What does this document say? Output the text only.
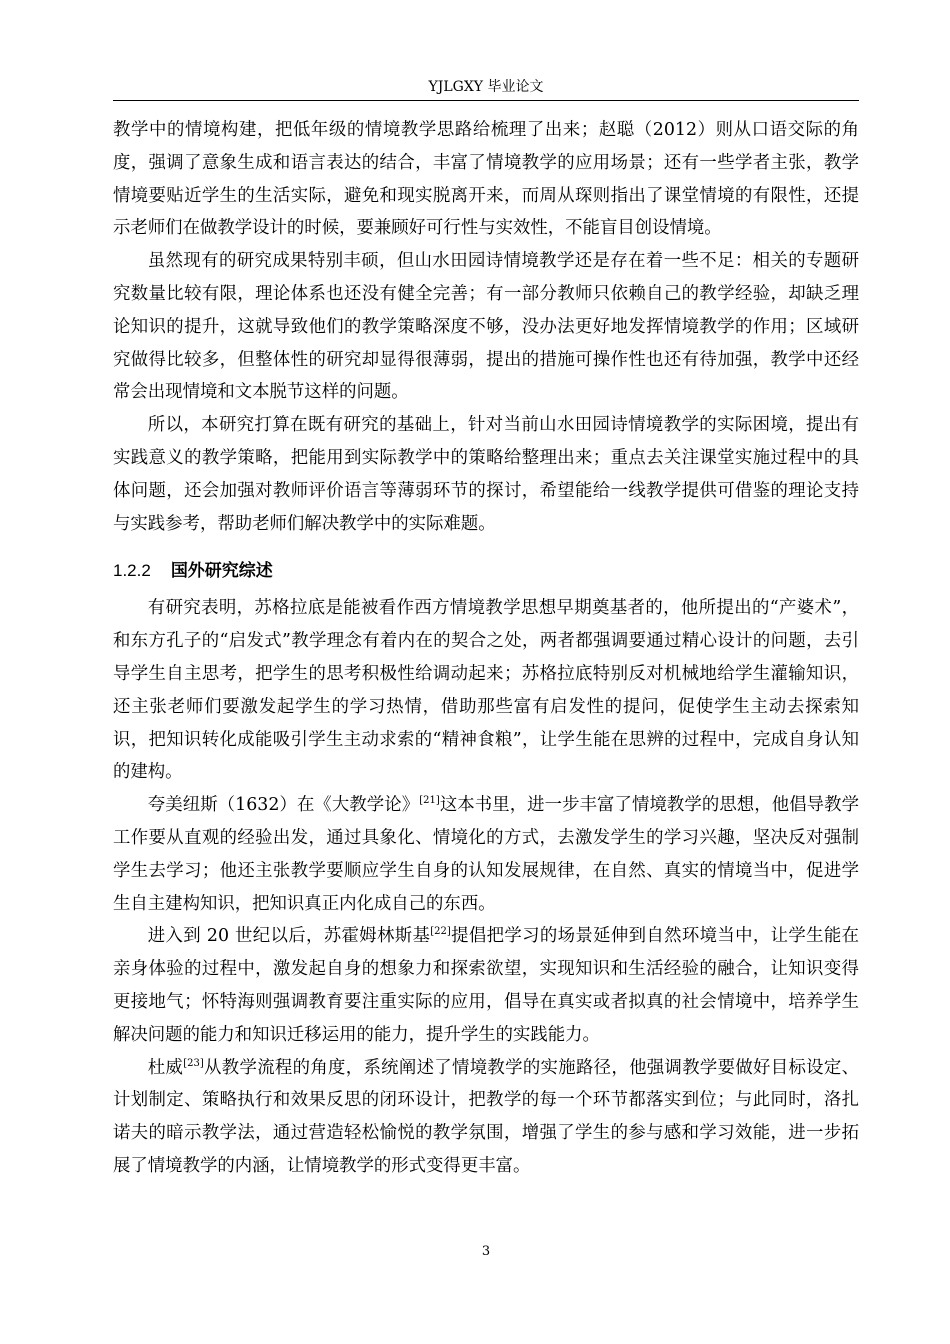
YJLGXY 毕业论文

教学中的情境构建，把低年级的情境教学思路给梳理了出来；赵聪（2012）则从口语交际的角度，强调了意象生成和语言表达的结合，丰富了情境教学的应用场景；还有一些学者主张，教学情境要贴近学生的生活实际，避免和现实脱离开来，而周从琛则指出了课堂情境的有限性，还提示老师们在做教学设计的时候，要兼顾好可行性与实效性，不能盲目创设情境。

虽然现有的研究成果特别丰硕，但山水田园诗情境教学还是存在着一些不足：相关的专题研究数量比较有限，理论体系也还没有健全完善；有一部分教师只依赖自己的教学经验，却缺乏理论知识的提升，这就导致他们的教学策略深度不够，没办法更好地发挥情境教学的作用；区域研究做得比较多，但整体性的研究却显得很薄弱，提出的措施可操作性也还有待加强，教学中还经常会出现情境和文本脱节这样的问题。

所以，本研究打算在既有研究的基础上，针对当前山水田园诗情境教学的实际困境，提出有实践意义的教学策略，把能用到实际教学中的策略给整理出来；重点去关注课堂实施过程中的具体问题，还会加强对教师评价语言等薄弱环节的探讨，希望能给一线教学提供可借鉴的理论支持与实践参考，帮助老师们解决教学中的实际难题。

1.2.2 国外研究综述

有研究表明，苏格拉底是能被看作西方情境教学思想早期奠基者的，他所提出的“产婆术”，和东方孔子的“启发式”教学理念有着内在的契合之处，两者都强调要通过精心设计的问题，去引导学生自主思考，把学生的思考积极性给调动起来；苏格拉底特别反对机械地给学生灌输知识，还主张老师们要激发起学生的学习热情，借助那些富有启发性的提问，促使学生主动去探索知识，把知识转化成能吸引学生主动求索的“精神食粮”，让学生能在思辨的过程中，完成自身认知的建构。

夸美纽斯（1632）在《大教学论》[21]这本书里，进一步丰富了情境教学的思想，他倡导教学工作要从直观的经验出发，通过具象化、情境化的方式，去激发学生的学习兴趣，坚决反对强制学生去学习；他还主张教学要顺应学生自身的认知发展规律，在自然、真实的情境当中，促进学生自主建构知识，把知识真正内化成自己的东西。

进入到 20 世纪以后，苏霍姆林斯基[22]提倡把学习的场景延伸到自然环境当中，让学生能在亲身体验的过程中，激发起自身的想象力和探索欲望，实现知识和生活经验的融合，让知识变得更接地气；怀特海则强调教育要注重实际的应用，倡导在真实或者拟真的社会情境中，培养学生解决问题的能力和知识迁移运用的能力，提升学生的实践能力。

杜威[23]从教学流程的角度，系统阐述了情境教学的实施路径，他强调教学要做好目标设定、计划制定、策略执行和效果反思的闭环设计，把教学的每一个环节都落实到位；与此同时，洛扎诺夫的暗示教学法，通过营造轻松愉悦的教学氛围，增强了学生的参与感和学习效能，进一步拓展了情境教学的内涵，让情境教学的形式变得更丰富。

3
